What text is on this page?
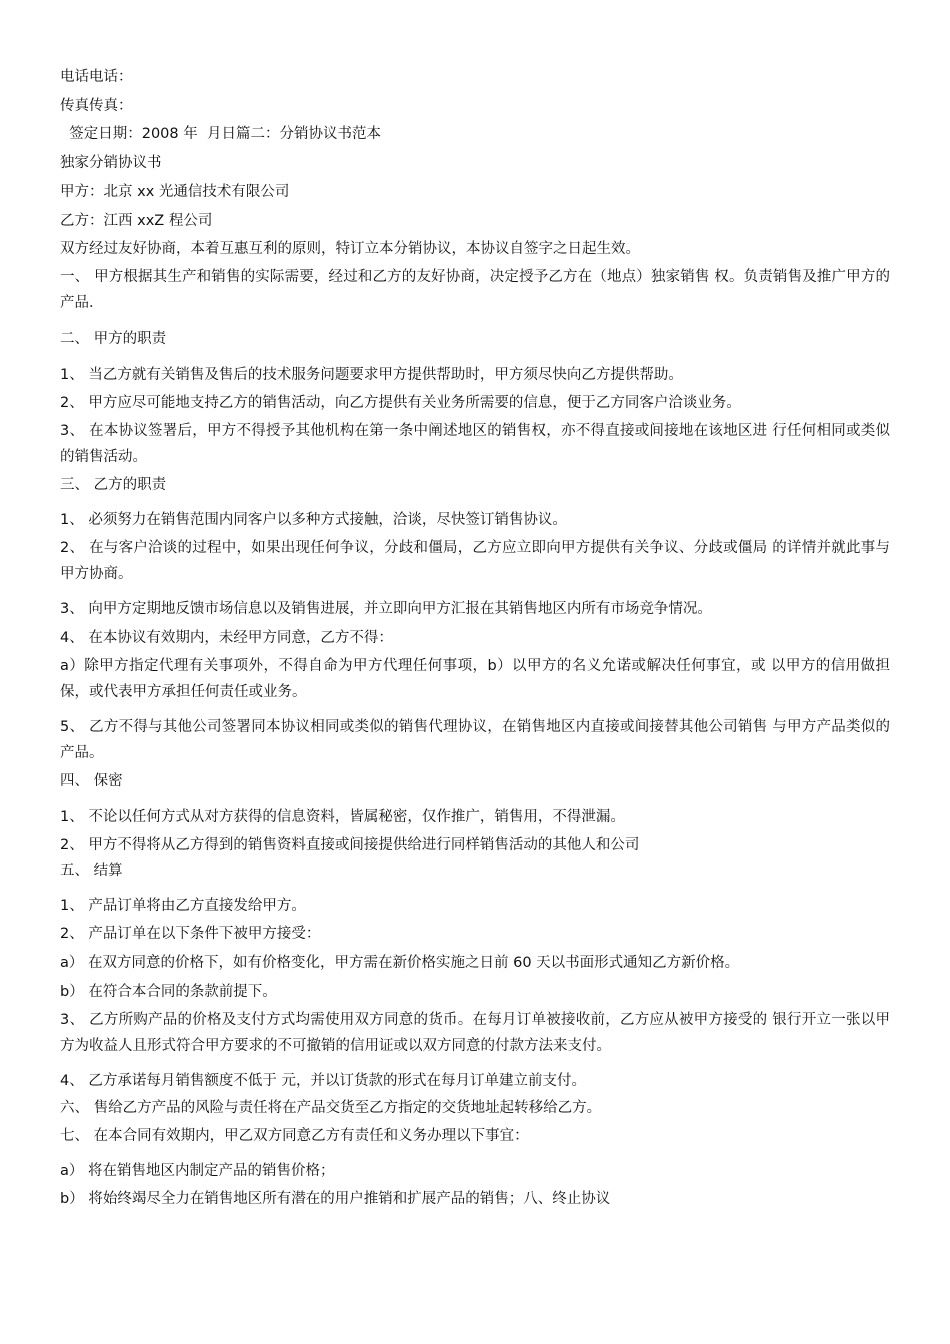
电话电话：
传真传真：
签定日期：2008 年  月日篇二：分销协议书范本
独家分销协议书
甲方：北京 xx 光通信技术有限公司
乙方：江西 xxZ 程公司
双方经过友好协商，本着互惠互利的原则，特订立本分销协议，本协议自签字之日起生效。
一、 甲方根据其生产和销售的实际需要，经过和乙方的友好协商，决定授予乙方在（地点）独家销售 权。负责销售及推广甲方的产品．
二、 甲方的职责
1、 当乙方就有关销售及售后的技术服务问题要求甲方提供帮助时，甲方须尽快向乙方提供帮助。
2、 甲方应尽可能地支持乙方的销售活动，向乙方提供有关业务所需要的信息，便于乙方同客户洽谈业务。
3、 在本协议签署后，甲方不得授予其他机构在第一条中阐述地区的销售权，亦不得直接或间接地在该地区进 行任何相同或类似的销售活动。
三、 乙方的职责
1、 必须努力在销售范围内同客户以多种方式接触，洽谈，尽快签订销售协议。
2、 在与客户洽谈的过程中，如果出现任何争议，分歧和僵局，乙方应立即向甲方提供有关争议、分歧或僵局 的详情并就此事与甲方协商。
3、 向甲方定期地反馈市场信息以及销售进展，并立即向甲方汇报在其销售地区内所有市场竞争情况。
4、 在本协议有效期内，未经甲方同意，乙方不得：
a）除甲方指定代理有关事项外，不得自命为甲方代理任何事项，b）以甲方的名义允诺或解决任何事宜，或 以甲方的信用做担保，或代表甲方承担任何责任或业务。
5、 乙方不得与其他公司签署同本协议相同或类似的销售代理协议，在销售地区内直接或间接替其他公司销售 与甲方产品类似的产品。
四、 保密
1、 不论以任何方式从对方获得的信息资料，皆属秘密，仅作推广，销售用，不得泄漏。
2、 甲方不得将从乙方得到的销售资料直接或间接提供给进行同样销售活动的其他人和公司
五、 结算
1、 产品订单将由乙方直接发给甲方。
2、 产品订单在以下条件下被甲方接受：
a） 在双方同意的价格下，如有价格变化，甲方需在新价格实施之日前 60 天以书面形式通知乙方新价格。
b） 在符合本合同的条款前提下。
3、 乙方所购产品的价格及支付方式均需使用双方同意的货币。在每月订单被接收前，乙方应从被甲方接受的 银行开立一张以甲方为收益人且形式符合甲方要求的不可撤销的信用证或以双方同意的付款方法来支付。
4、 乙方承诺每月销售额度不低于 元，并以订货款的形式在每月订单建立前支付。
六、 售给乙方产品的风险与责任将在产品交货至乙方指定的交货地址起转移给乙方。
七、 在本合同有效期内，甲乙双方同意乙方有责任和义务办理以下事宜：
a） 将在销售地区内制定产品的销售价格；
b） 将始终竭尽全力在销售地区所有潜在的用户推销和扩展产品的销售；八、终止协议
